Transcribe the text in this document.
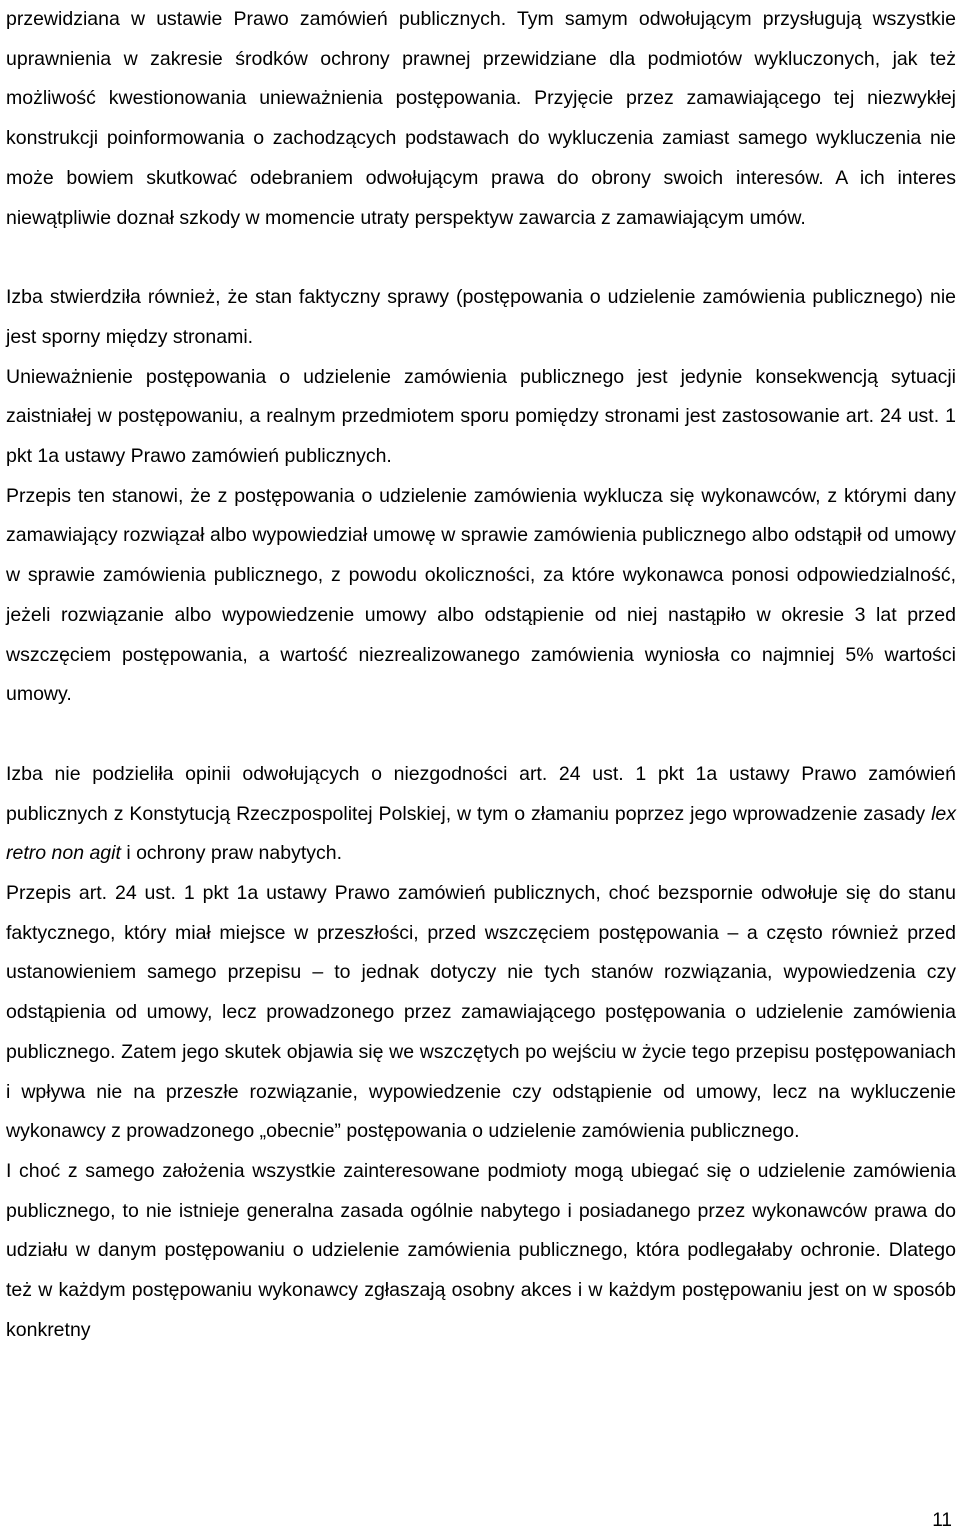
przewidziana w ustawie Prawo zamówień publicznych. Tym samym odwołującym przysługują wszystkie uprawnienia w zakresie środków ochrony prawnej przewidziane dla podmiotów wykluczonych, jak też możliwość kwestionowania unieważnienia postępowania. Przyjęcie przez zamawiającego tej niezwykłej konstrukcji poinformowania o zachodzących podstawach do wykluczenia zamiast samego wykluczenia nie może bowiem skutkować odebraniem odwołującym prawa do obrony swoich interesów. A ich interes niewątpliwie doznał szkody w momencie utraty perspektyw zawarcia z zamawiającym umów.

Izba stwierdziła również, że stan faktyczny sprawy (postępowania o udzielenie zamówienia publicznego) nie jest sporny między stronami.

Unieważnienie postępowania o udzielenie zamówienia publicznego jest jedynie konsekwencją sytuacji zaistniałej w postępowaniu, a realnym przedmiotem sporu pomiędzy stronami jest zastosowanie art. 24 ust. 1 pkt 1a ustawy Prawo zamówień publicznych.

Przepis ten stanowi, że z postępowania o udzielenie zamówienia wyklucza się wykonawców, z którymi dany zamawiający rozwiązał albo wypowiedział umowę w sprawie zamówienia publicznego albo odstąpił od umowy w sprawie zamówienia publicznego, z powodu okoliczności, za które wykonawca ponosi odpowiedzialność, jeżeli rozwiązanie albo wypowiedzenie umowy albo odstąpienie od niej nastąpiło w okresie 3 lat przed wszczęciem postępowania, a wartość niezrealizowanego zamówienia wyniosła co najmniej 5% wartości umowy.

Izba nie podzieliła opinii odwołujących o niezgodności art. 24 ust. 1 pkt 1a ustawy Prawo zamówień publicznych z Konstytucją Rzeczpospolitej Polskiej, w tym o złamaniu poprzez jego wprowadzenie zasady lex retro non agit i ochrony praw nabytych.

Przepis art. 24 ust. 1 pkt 1a ustawy Prawo zamówień publicznych, choć bezspornie odwołuje się do stanu faktycznego, który miał miejsce w przeszłości, przed wszczęciem postępowania – a często również przed ustanowieniem samego przepisu – to jednak dotyczy nie tych stanów rozwiązania, wypowiedzenia czy odstąpienia od umowy, lecz prowadzonego przez zamawiającego postępowania o udzielenie zamówienia publicznego. Zatem jego skutek objawia się we wszczętych po wejściu w życie tego przepisu postępowaniach i wpływa nie na przeszłe rozwiązanie, wypowiedzenie czy odstąpienie od umowy, lecz na wykluczenie wykonawcy z prowadzonego „obecnie” postępowania o udzielenie zamówienia publicznego.

I choć z samego założenia wszystkie zainteresowane podmioty mogą ubiegać się o udzielenie zamówienia publicznego, to nie istnieje generalna zasada ogólnie nabytego i posiadanego przez wykonawców prawa do udziału w danym postępowaniu o udzielenie zamówienia publicznego, która podlegałaby ochronie. Dlatego też w każdym postępowaniu wykonawcy zgłaszają osobny akces i w każdym postępowaniu jest on w sposób konkretny

11
